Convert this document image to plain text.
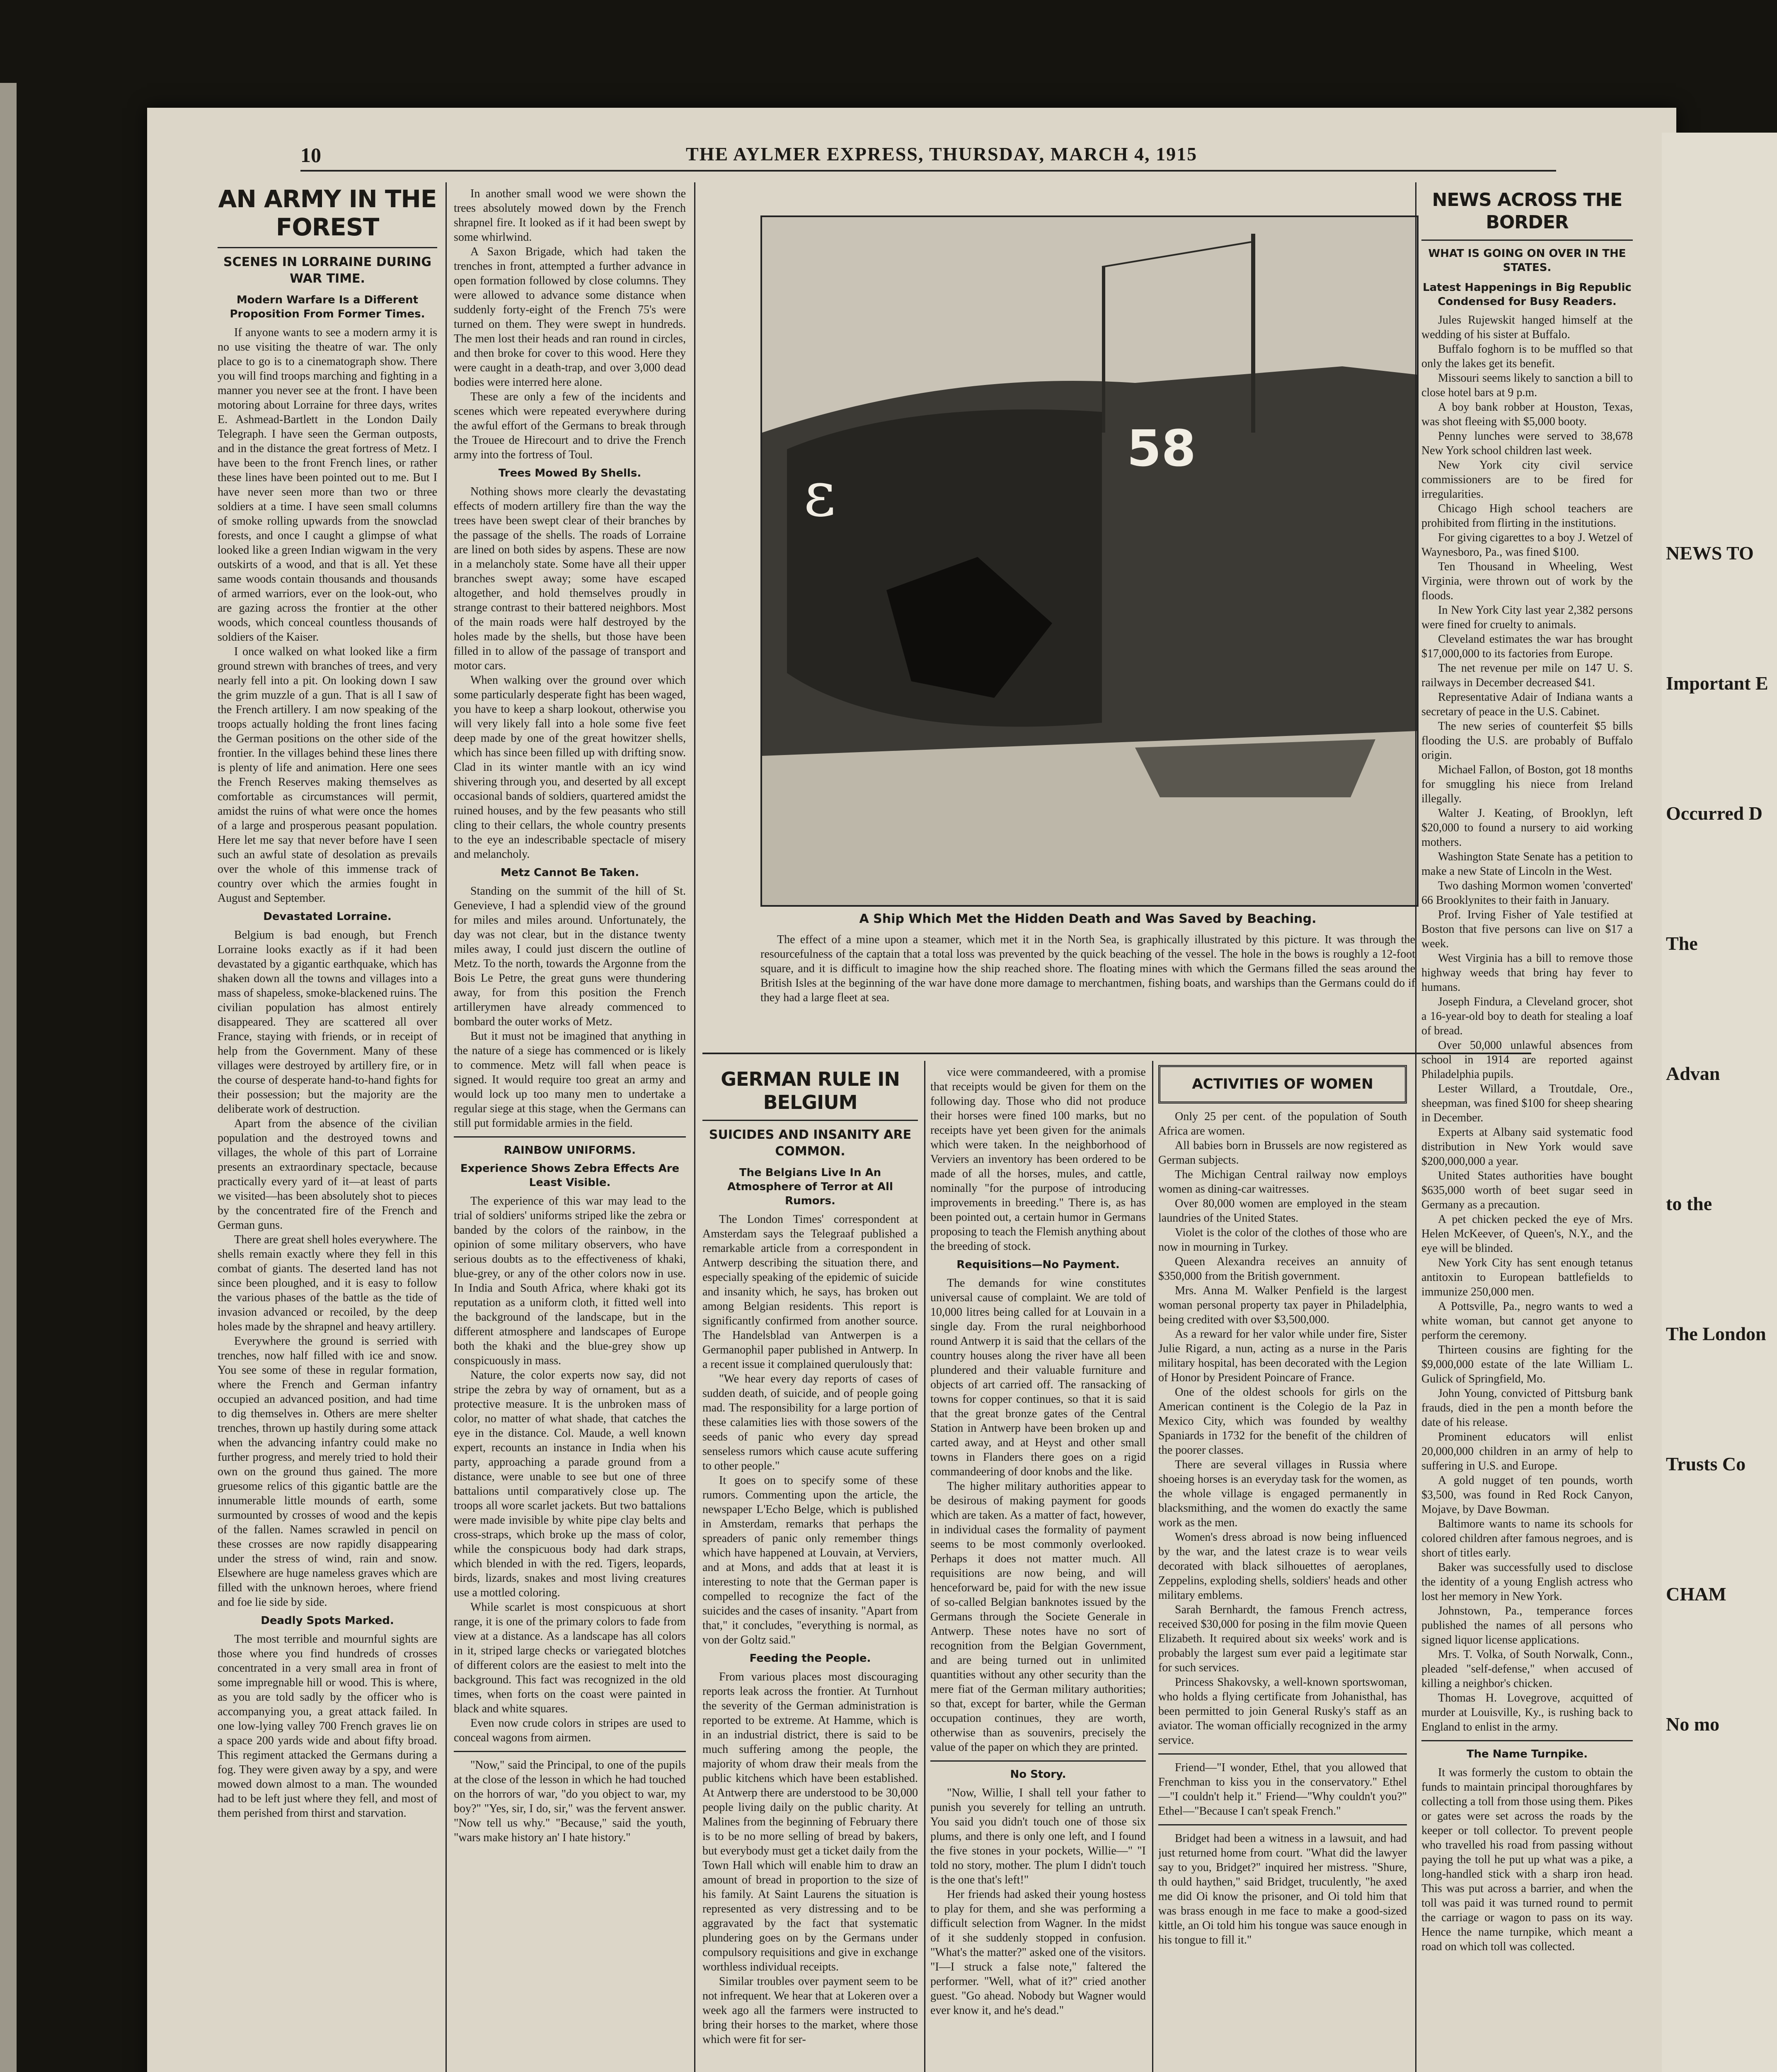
10	THE AYLMER EXPRESS, THURSDAY, MARCH 4, 1915
AN ARMY IN THE FOREST
SCENES IN LORRAINE DURING WAR TIME.
Modern Warfare Is a Different Proposition From Former Times.

If anyone wants to see a modern army it is no use visiting the theatre of war. The only place to go is to a cinematograph show. There you will find troops marching and fighting in a manner you never see at the front. I have been motoring about Lorraine for three days, writes E. Ashmead-Bartlett in the London Daily Telegraph. I have seen the German outposts, and in the distance the great fortress of Metz. I have been to the front French lines, or rather these lines have been pointed out to me. But I have never seen more than two or three soldiers at a time. I have seen small columns of smoke rolling upwards from the snowclad forests, and once I caught a glimpse of what looked like a green Indian wigwam in the very outskirts of a wood, and that is all. Yet these same woods contain thousands and thousands of armed warriors, ever on the look-out, who are gazing across the frontier at the other woods, which conceal countless thousands of soldiers of the Kaiser.

I once walked on what looked like a firm ground strewn with branches of trees, and very nearly fell into a pit. On looking down I saw the grim muzzle of a gun. That is all I saw of the French artillery. I am now speaking of the troops actually holding the front lines facing the German positions on the other side of the frontier. In the villages behind these lines there is plenty of life and animation. Here one sees the French Reserves making themselves as comfortable as circumstances will permit, amidst the ruins of what were once the homes of a large and prosperous peasant population. Here let me say that never before have I seen such an awful state of desolation as prevails over the whole of this immense track of country over which the armies fought in August and September.

Devastated Lorraine.

Belgium is bad enough, but French Lorraine looks exactly as if it had been devastated by a gigantic earthquake, which has shaken down all the towns and villages into a mass of shapeless, smoke-blackened ruins. The civilian population has almost entirely disappeared. They are scattered all over France, staying with friends, or in receipt of help from the Government. Many of these villages were destroyed by artillery fire, or in the course of desperate hand-to-hand fights for their possession; but the majority are the deliberate work of destruction.

Apart from the absence of the civilian population and the destroyed towns and villages, the whole of this part of Lorraine presents an extraordinary spectacle, because practically every yard of it—at least of parts we visited—has been absolutely shot to pieces by the concentrated fire of the French and German guns.

There are great shell holes everywhere. The shells remain exactly where they fell in this combat of giants. The deserted land has not since been ploughed, and it is easy to follow the various phases of the battle as the tide of invasion advanced or recoiled, by the deep holes made by the shrapnel and heavy artillery.

Everywhere the ground is serried with trenches, now half filled with ice and snow. You see some of these in regular formation, where the French and German infantry occupied an advanced position, and had time to dig themselves in. Others are mere shelter trenches, thrown up hastily during some attack when the advancing infantry could make no further progress, and merely tried to hold their own on the ground thus gained. The more gruesome relics of this gigantic battle are the innumerable little mounds of earth, some surmounted by crosses of wood and the kepis of the fallen. Names scrawled in pencil on these crosses are now rapidly disappearing under the stress of wind, rain and snow. Elsewhere are huge nameless graves which are filled with the unknown heroes, where friend and foe lie side by side.

Deadly Spots Marked.

The most terrible and mournful sights are those where you find hundreds of crosses concentrated in a very small area in front of some impregnable hill or wood. This is where, as you are told sadly by the officer who is accompanying you, a great attack failed. In one low-lying valley 700 French graves lie on a space 200 yards wide and about fifty broad. This regiment attacked the Germans during a fog. They were given away by a spy, and were mowed down almost to a man. The wounded had to be left just where they fell, and most of them perished from thirst and starvation.

In another small wood we were shown the trees absolutely mowed down by the French shrapnel fire. It looked as if it had been swept by some whirlwind.

A Saxon Brigade, which had taken the trenches in front, attempted a further advance in open formation followed by close columns. They were allowed to advance some distance when suddenly forty-eight of the French 75's were turned on them. They were swept in hundreds. The men lost their heads and ran round in circles, and then broke for cover to this wood. Here they were caught in a death-trap, and over 3,000 dead bodies were interred here alone.

These are only a few of the incidents and scenes which were repeated everywhere during the awful effort of the Germans to break through the Trouee de Hirecourt and to drive the French army into the fortress of Toul.

Trees Mowed By Shells.

Nothing shows more clearly the devastating effects of modern artillery fire than the way the trees have been swept clear of their branches by the passage of the shells. The roads of Lorraine are lined on both sides by aspens. These are now in a melancholy state. Some have all their upper branches swept away; some have escaped altogether, and hold themselves proudly in strange contrast to their battered neighbors. Most of the main roads were half destroyed by the holes made by the shells, but those have been filled in to allow of the passage of transport and motor cars.

When walking over the ground over which some particularly desperate fight has been waged, you have to keep a sharp lookout, otherwise you will very likely fall into a hole some five feet deep made by one of the great howitzer shells, which has since been filled up with drifting snow. Clad in its winter mantle with an icy wind shivering through you, and deserted by all except occasional bands of soldiers, quartered amidst the ruined houses, and by the few peasants who still cling to their cellars, the whole country presents to the eye an indescribable spectacle of misery and melancholy.

Metz Cannot Be Taken.

Standing on the summit of the hill of St. Genevieve, I had a splendid view of the ground for miles and miles around. Unfortunately, the day was not clear, but in the distance twenty miles away, I could just discern the outline of Metz. To the north, towards the Argonne from the Bois Le Petre, the great guns were thundering away, for from this position the French artillerymen have already commenced to bombard the outer works of Metz.

But it must not be imagined that anything in the nature of a siege has commenced or is likely to commence. Metz will fall when peace is signed. It would require too great an army and would lock up too many men to undertake a regular siege at this stage, when the Germans can still put formidable armies in the field.

RAINBOW UNIFORMS.
Experience Shows Zebra Effects Are Least Visible.

The experience of this war may lead to the trial of soldiers' uniforms striped like the zebra or banded by the colors of the rainbow, in the opinion of some military observers, who have serious doubts as to the effectiveness of khaki, blue-grey, or any of the other colors now in use. In India and South Africa, where khaki got its reputation as a uniform cloth, it fitted well into the background of the landscape, but in the different atmosphere and landscapes of Europe both the khaki and the blue-grey show up conspicuously in mass.

Nature, the color experts now say, did not stripe the zebra by way of ornament, but as a protective measure. It is the unbroken mass of color, no matter of what shade, that catches the eye in the distance. Col. Maude, a well known expert, recounts an instance in India when his party, approaching a parade ground from a distance, were unable to see but one of three battalions until comparatively close up. The troops all wore scarlet jackets. But two battalions were made invisible by white pipe clay belts and cross-straps, which broke up the mass of color, while the conspicuous body had dark straps, which blended in with the red. Tigers, leopards, birds, lizards, snakes and most living creatures use a mottled coloring.

While scarlet is most conspicuous at short range, it is one of the primary colors to fade from view at a distance. As a landscape has all colors in it, striped large checks or variegated blotches of different colors are the easiest to melt into the background. This fact was recognized in the old times, when forts on the coast were painted in black and white squares.

Even now crude colors in stripes are used to conceal wagons from airmen.

"Now," said the Principal, to one of the pupils at the close of the lesson in which he had touched on the horrors of war, "do you object to war, my boy?" "Yes, sir, I do, sir," was the fervent answer. "Now tell us why." "Because," said the youth, "wars make history an' I hate history."

58
ɛ
A Ship Which Met the Hidden Death and Was Saved by Beaching.
The effect of a mine upon a steamer, which met it in the North Sea, is graphically illustrated by this picture. It was through the resourcefulness of the captain that a total loss was prevented by the quick beaching of the vessel. The hole in the bows is roughly a 12-foot square, and it is difficult to imagine how the ship reached shore. The floating mines with which the Germans filled the seas around the British Isles at the beginning of the war have done more damage to merchantmen, fishing boats, and warships than the Germans could do if they had a large fleet at sea.
GERMAN RULE IN BELGIUM
SUICIDES AND INSANITY ARE COMMON.
The Belgians Live In An Atmosphere of Terror at All Rumors.

The London Times' correspondent at Amsterdam says the Telegraaf published a remarkable article from a correspondent in Antwerp describing the situation there, and especially speaking of the epidemic of suicide and insanity which, he says, has broken out among Belgian residents. This report is significantly confirmed from another source. The Handelsblad van Antwerpen is a Germanophil paper published in Antwerp. In a recent issue it complained querulously that:

"We hear every day reports of cases of sudden death, of suicide, and of people going mad. The responsibility for a large portion of these calamities lies with those sowers of the seeds of panic who every day spread senseless rumors which cause acute suffering to other people."

It goes on to specify some of these rumors. Commenting upon the article, the newspaper L'Echo Belge, which is published in Amsterdam, remarks that perhaps the spreaders of panic only remember things which have happened at Louvain, at Verviers, and at Mons, and adds that at least it is interesting to note that the German paper is compelled to recognize the fact of the suicides and the cases of insanity. "Apart from that," it concludes, "everything is normal, as von der Goltz said."

Feeding the People.

From various places most discouraging reports leak across the frontier. At Turnhout the severity of the German administration is reported to be extreme. At Hamme, which is in an industrial district, there is said to be much suffering among the people, the majority of whom draw their meals from the public kitchens which have been established. At Antwerp there are understood to be 30,000 people living daily on the public charity. At Malines from the beginning of February there is to be no more selling of bread by bakers, but everybody must get a ticket daily from the Town Hall which will enable him to draw an amount of bread in proportion to the size of his family. At Saint Laurens the situation is represented as very distressing and to be aggravated by the fact that systematic plundering goes on by the Germans under compulsory requisitions and give in exchange worthless individual receipts.

Similar troubles over payment seem to be not infrequent. We hear that at Lokeren over a week ago all the farmers were instructed to bring their horses to the market, where those which were fit for ser-

vice were commandeered, with a promise that receipts would be given for them on the following day. Those who did not produce their horses were fined 100 marks, but no receipts have yet been given for the animals which were taken. In the neighborhood of Verviers an inventory has been ordered to be made of all the horses, mules, and cattle, nominally "for the purpose of introducing improvements in breeding." There is, as has been pointed out, a certain humor in Germans proposing to teach the Flemish anything about the breeding of stock.

Requisitions—No Payment.

The demands for wine constitutes universal cause of complaint. We are told of 10,000 litres being called for at Louvain in a single day. From the rural neighborhood round Antwerp it is said that the cellars of the country houses along the river have all been plundered and their valuable furniture and objects of art carried off. The ransacking of towns for copper continues, so that it is said that the great bronze gates of the Central Station in Antwerp have been broken up and carted away, and at Heyst and other small towns in Flanders there goes on a rigid commandeering of door knobs and the like.

The higher military authorities appear to be desirous of making payment for goods which are taken. As a matter of fact, however, in individual cases the formality of payment seems to be most commonly overlooked. Perhaps it does not matter much. All requisitions are now being, and will henceforward be, paid for with the new issue of so-called Belgian banknotes issued by the Germans through the Societe Generale in Antwerp. These notes have no sort of recognition from the Belgian Government, and are being turned out in unlimited quantities without any other security than the mere fiat of the German military authorities; so that, except for barter, while the German occupation continues, they are worth, otherwise than as souvenirs, precisely the value of the paper on which they are printed.

No Story.

"Now, Willie, I shall tell your father to punish you severely for telling an untruth. You said you didn't touch one of those six plums, and there is only one left, and I found the five stones in your pockets, Willie—" "I told no story, mother. The plum I didn't touch is the one that's left!"

Her friends had asked their young hostess to play for them, and she was performing a difficult selection from Wagner. In the midst of it she suddenly stopped in confusion. "What's the matter?" asked one of the visitors. "I—I struck a false note," faltered the performer. "Well, what of it?" cried another guest. "Go ahead. Nobody but Wagner would ever know it, and he's dead."

ACTIVITIES OF WOMEN

Only 25 per cent. of the population of South Africa are women.

All babies born in Brussels are now registered as German subjects.

The Michigan Central railway now employs women as dining-car waitresses.

Over 80,000 women are employed in the steam laundries of the United States.

Violet is the color of the clothes of those who are now in mourning in Turkey.

Queen Alexandra receives an annuity of $350,000 from the British government.

Mrs. Anna M. Walker Penfield is the largest woman personal property tax payer in Philadelphia, being credited with over $3,500,000.

As a reward for her valor while under fire, Sister Julie Rigard, a nun, acting as a nurse in the Paris military hospital, has been decorated with the Legion of Honor by President Poincare of France.

One of the oldest schools for girls on the American continent is the Colegio de la Paz in Mexico City, which was founded by wealthy Spaniards in 1732 for the benefit of the children of the poorer classes.

There are several villages in Russia where shoeing horses is an everyday task for the women, as the whole village is engaged permanently in blacksmithing, and the women do exactly the same work as the men.

Women's dress abroad is now being influenced by the war, and the latest craze is to wear veils decorated with black silhouettes of aeroplanes, Zeppelins, exploding shells, soldiers' heads and other military emblems.

Sarah Bernhardt, the famous French actress, received $30,000 for posing in the film movie Queen Elizabeth. It required about six weeks' work and is probably the largest sum ever paid a legitimate star for such services.

Princess Shakovsky, a well-known sportswoman, who holds a flying certificate from Johanisthal, has been permitted to join General Rusky's staff as an aviator. The woman officially recognized in the army service.

Friend—"I wonder, Ethel, that you allowed that Frenchman to kiss you in the conservatory." Ethel—"I couldn't help it." Friend—"Why couldn't you?" Ethel—"Because I can't speak French."

Bridget had been a witness in a lawsuit, and had just returned home from court. "What did the lawyer say to you, Bridget?" inquired her mistress. "Shure, th ould haythen," said Bridget, truculently, "he axed me did Oi know the prisoner, and Oi told him that was brass enough in me face to make a good-sized kittle, an Oi told him his tongue was sauce enough in his tongue to fill it."

NEWS ACROSS THE BORDER
WHAT IS GOING ON OVER IN THE STATES.
Latest Happenings in Big Republic Condensed for Busy Readers.

Jules Rujewskit hanged himself at the wedding of his sister at Buffalo.

Buffalo foghorn is to be muffled so that only the lakes get its benefit.

Missouri seems likely to sanction a bill to close hotel bars at 9 p.m.

A boy bank robber at Houston, Texas, was shot fleeing with $5,000 booty.

Penny lunches were served to 38,678 New York school children last week.

New York city civil service commissioners are to be fired for irregularities.

Chicago High school teachers are prohibited from flirting in the institutions.

For giving cigarettes to a boy J. Wetzel of Waynesboro, Pa., was fined $100.

Ten Thousand in Wheeling, West Virginia, were thrown out of work by the floods.

In New York City last year 2,382 persons were fined for cruelty to animals.

Cleveland estimates the war has brought $17,000,000 to its factories from Europe.

The net revenue per mile on 147 U. S. railways in December decreased $41.

Representative Adair of Indiana wants a secretary of peace in the U.S. Cabinet.

The new series of counterfeit $5 bills flooding the U.S. are probably of Buffalo origin.

Michael Fallon, of Boston, got 18 months for smuggling his niece from Ireland illegally.

Walter J. Keating, of Brooklyn, left $20,000 to found a nursery to aid working mothers.

Washington State Senate has a petition to make a new State of Lincoln in the West.

Two dashing Mormon women 'converted' 66 Brooklynites to their faith in January.

Prof. Irving Fisher of Yale testified at Boston that five persons can live on $17 a week.

West Virginia has a bill to remove those highway weeds that bring hay fever to humans.

Joseph Findura, a Cleveland grocer, shot a 16-year-old boy to death for stealing a loaf of bread.

Over 50,000 unlawful absences from school in 1914 are reported against Philadelphia pupils.

Lester Willard, a Troutdale, Ore., sheepman, was fined $100 for sheep shearing in December.

Experts at Albany said systematic food distribution in New York would save $200,000,000 a year.

United States authorities have bought $635,000 worth of beet sugar seed in Germany as a precaution.

A pet chicken pecked the eye of Mrs. Helen McKeever, of Queen's, N.Y., and the eye will be blinded.

New York City has sent enough tetanus antitoxin to European battlefields to immunize 250,000 men.

A Pottsville, Pa., negro wants to wed a white woman, but cannot get anyone to perform the ceremony.

Thirteen cousins are fighting for the $9,000,000 estate of the late William L. Gulick of Springfield, Mo.

John Young, convicted of Pittsburg bank frauds, died in the pen a month before the date of his release.

Prominent educators will enlist 20,000,000 children in an army of help to suffering in U.S. and Europe.

A gold nugget of ten pounds, worth $3,500, was found in Red Rock Canyon, Mojave, by Dave Bowman.

Baltimore wants to name its schools for colored children after famous negroes, and is short of titles early.

Baker was successfully used to disclose the identity of a young English actress who lost her memory in New York.

Johnstown, Pa., temperance forces published the names of all persons who signed liquor license applications.

Mrs. T. Volka, of South Norwalk, Conn., pleaded "self-defense," when accused of killing a neighbor's chicken.

Thomas H. Lovegrove, acquitted of murder at Louisville, Ky., is rushing back to England to enlist in the army.

The Name Turnpike.

It was formerly the custom to obtain the funds to maintain principal thoroughfares by collecting a toll from those using them. Pikes or gates were set across the roads by the keeper or toll collector. To prevent people who travelled his road from passing without paying the toll he put up what was a pike, a long-handled stick with a sharp iron head. This was put across a barrier, and when the toll was paid it was turned round to permit the carriage or wagon to pass on its way. Hence the name turnpike, which meant a road on which toll was collected.

NEWS TO
Important E
Occurred D
The
Advan
to the
The London
Trusts Co
CHAM
No mo
